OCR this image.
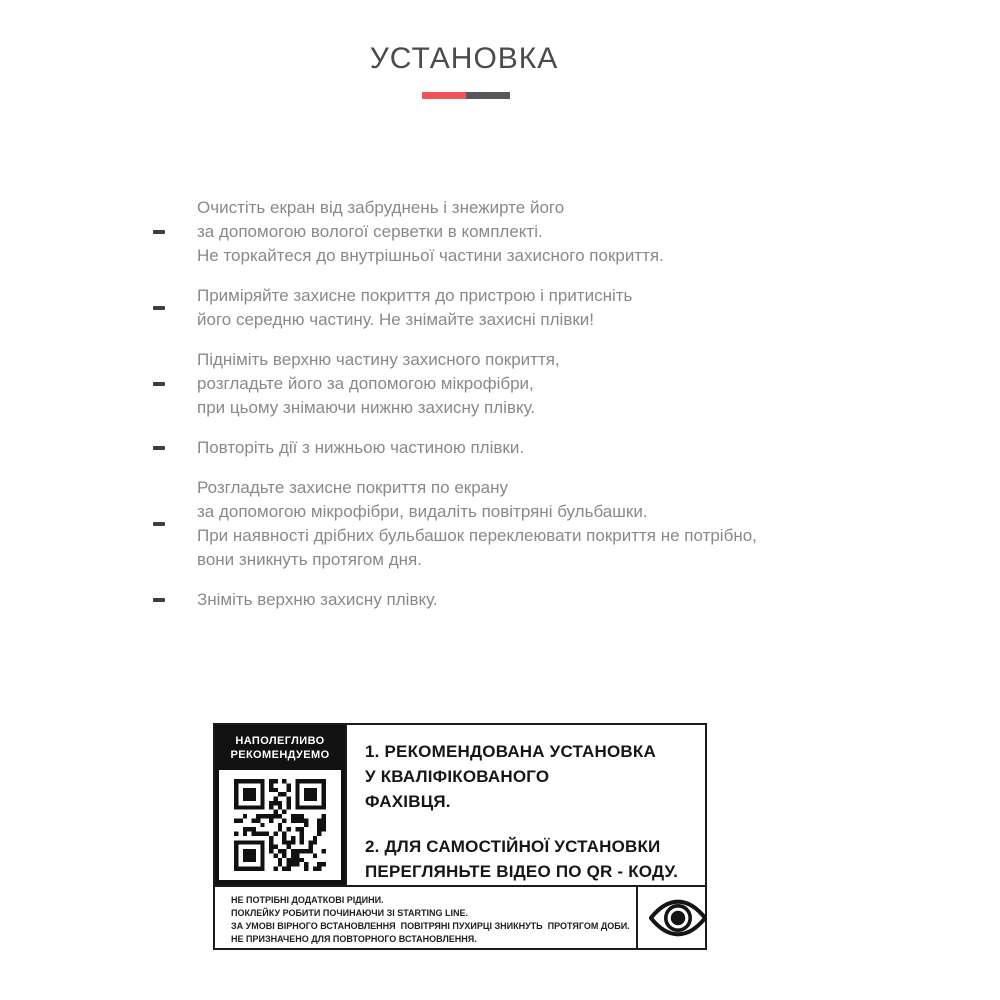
УСТАНОВКА
Очистіть екран від забруднень і знежирте його
за допомогою вологої серветки в комплекті.
Не торкайтеся до внутрішньої частини захисного покриття.
Приміряйте захисне покриття до пристрою і притисніть
його середню частину. Не знімайте захисні плівки!
Підніміть верхню частину захисного покриття,
розгладьте його за допомогою мікрофібри,
при цьому знімаючи нижню захисну плівку.
Повторіть дії з нижньою частиною плівки.
Розгладьте захисне покриття по екрану
за допомогою мікрофібри, видаліть повітряні бульбашки.
При наявності дрібних бульбашок переклеювати покриття не потрібно,
вони зникнуть протягом дня.
Зніміть верхню захисну плівку.
НАПОЛЕГЛИВО
РЕКОМЕНДУЕМО	1. РЕКОМЕНДОВАНА УСТАНОВКА
У КВАЛІФІКОВАНОГО
ФАХІВЦЯ.
2. ДЛЯ САМОСТІЙНОЇ УСТАНОВКИ
ПЕРЕГЛЯНЬТЕ ВІДЕО ПО QR - КОДУ.
НЕ ПОТРІБНІ ДОДАТКОВІ РІДИНИ.
ПОКЛЕЙКУ РОБИТИ ПОЧИНАЮЧИ ЗІ STARTING LINE.
ЗА УМОВІ ВІРНОГО ВСТАНОВЛЕННЯ  ПОВІТРЯНІ ПУХИРЦІ ЗНИКНУТЬ  ПРОТЯГОМ ДОБИ.
НЕ ПРИЗНАЧЕНО ДЛЯ ПОВТОРНОГО ВСТАНОВЛЕННЯ.
